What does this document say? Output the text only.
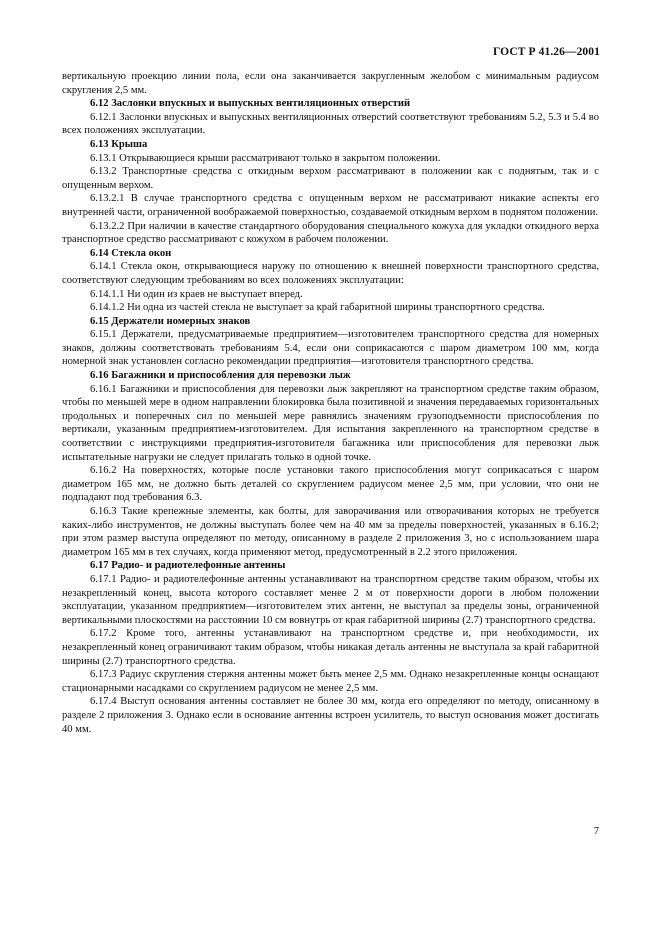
ГОСТ Р 41.26—2001

вертикальную проекцию линии пола, если она заканчивается закругленным желобом с минимальным радиусом скругления 2,5 мм.

6.12 Заслонки впускных и выпускных вентиляционных отверстий

6.12.1 Заслонки впускных и выпускных вентиляционных отверстий соответствуют требованиям 5.2, 5.3 и 5.4 во всех положениях эксплуатации.

6.13 Крыша

6.13.1 Открывающиеся крыши рассматривают только в закрытом положении.

6.13.2 Транспортные средства с откидным верхом рассматривают в положении как с поднятым, так и с опущенным верхом.

6.13.2.1 В случае транспортного средства с опущенным верхом не рассматривают никакие аспекты его внутренней части, ограниченной воображаемой поверхностью, создаваемой откидным верхом в поднятом положении.

6.13.2.2 При наличии в качестве стандартного оборудования специального кожуха для укладки откидного верха транспортное средство рассматривают с кожухом в рабочем положении.

6.14 Стекла окон

6.14.1 Стекла окон, открывающиеся наружу по отношению к внешней поверхности транспортного средства, соответствуют следующим требованиям во всех положениях эксплуатации:

6.14.1.1 Ни один из краев не выступает вперед.

6.14.1.2 Ни одна из частей стекла не выступает за край габаритной ширины транспортного средства.

6.15 Держатели номерных знаков

6.15.1 Держатели, предусматриваемые предприятием—изготовителем транспортного средства для номерных знаков, должны соответствовать требованиям 5.4, если они соприкасаются с шаром диаметром 100 мм, когда номерной знак установлен согласно рекомендации предприятия—изготовителя транспортного средства.

6.16 Багажники и приспособления для перевозки лыж

6.16.1 Багажники и приспособления для перевозки лыж закрепляют на транспортном средстве таким образом, чтобы по меньшей мере в одном направлении блокировка была позитивной и значения передаваемых горизонтальных продольных и поперечных сил по меньшей мере равнялись значениям грузоподъемности приспособления по вертикали, указанным предприятием-изготовителем. Для испытания закрепленного на транспортном средстве в соответствии с инструкциями предприятия-изготовителя багажника или приспособления для перевозки лыж испытательные нагрузки не следует прилагать только в одной точке.

6.16.2 На поверхностях, которые после установки такого приспособления могут соприкасаться с шаром диаметром 165 мм, не должно быть деталей со скруглением радиусом менее 2,5 мм, при условии, что они не подпадают под требования 6.3.

6.16.3 Такие крепежные элементы, как болты, для заворачивания или отворачивания которых не требуется каких-либо инструментов, не должны выступать более чем на 40 мм за пределы поверхностей, указанных в 6.16.2; при этом размер выступа определяют по методу, описанному в разделе 2 приложения 3, но с использованием шара диаметром 165 мм в тех случаях, когда применяют метод, предусмотренный в 2.2 этого приложения.

6.17 Радио- и радиотелефонные антенны

6.17.1 Радио- и радиотелефонные антенны устанавливают на транспортном средстве таким образом, чтобы их незакрепленный конец, высота которого составляет менее 2 м от поверхности дороги в любом положении эксплуатации, указанном предприятием—изготовителем этих антенн, не выступал за пределы зоны, ограниченной вертикальными плоскостями на расстоянии 10 см вовнутрь от края габаритной ширины (2.7) транспортного средства.

6.17.2 Кроме того, антенны устанавливают на транспортном средстве и, при необходимости, их незакрепленный конец ограничивают таким образом, чтобы никакая деталь антенны не выступала за край габаритной ширины (2.7) транспортного средства.

6.17.3 Радиус скругления стержня антенны может быть менее 2,5 мм. Однако незакрепленные концы оснащают стационарными насадками со скруглением радиусом не менее 2,5 мм.

6.17.4 Выступ основания антенны составляет не более 30 мм, когда его определяют по методу, описанному в разделе 2 приложения 3. Однако если в основание антенны встроен усилитель, то выступ основания может достигать 40 мм.

7
